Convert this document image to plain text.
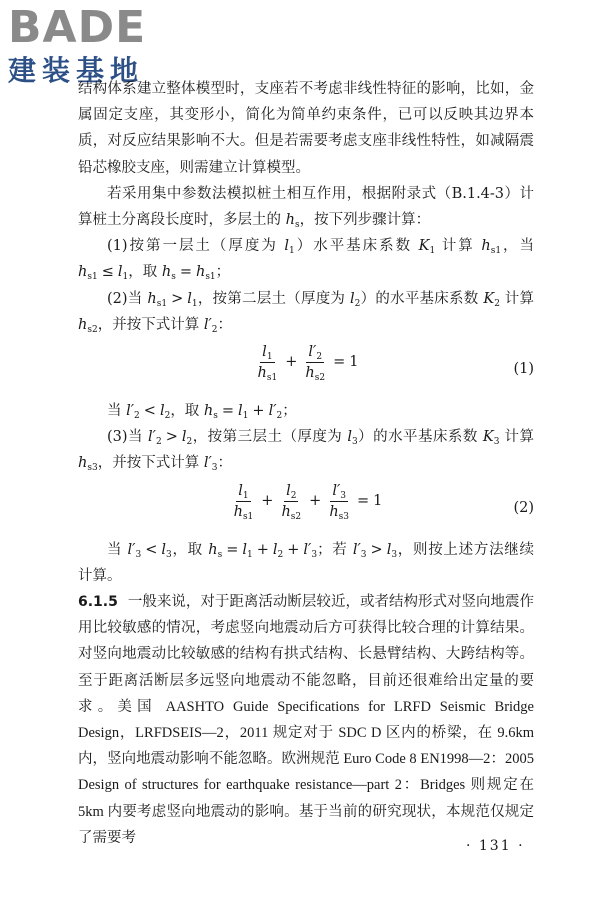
BADE
建装基地

结构体系建立整体模型时，支座若不考虑非线性特征的影响，比如，金属固定支座，其变形小，简化为简单约束条件，已可以反映其边界本质，对反应结果影响不大。但是若需要考虑支座非线性特性，如减隔震铅芯橡胶支座，则需建立计算模型。

若采用集中参数法模拟桩土相互作用，根据附录式（B.1.4-3）计算桩土分离段长度时，多层土的 $h_s$，按下列步骤计算：

(1)按第一层土（厚度为 $l_1$）水平基床系数 $K_1$ 计算 $h_{s1}$，当 $h_{s1} \le l_1$，取 $h_s = h_{s1}$；

(2)当 $h_{s1} > l_1$，按第二层土（厚度为 $l_2$）的水平基床系数 $K_2$ 计算 $h_{s2}$，并按下式计算 $l'_2$：

$\frac{l_1}{h_{s1}} + \frac{l'_2}{h_{s2}} = 1$	(1)

当 $l'_2 < l_2$，取 $h_s = l_1 + l'_2$；

(3)当 $l'_2 > l_2$，按第三层土（厚度为 $l_3$）的水平基床系数 $K_3$ 计算 $h_{s3}$，并按下式计算 $l'_3$：

$\frac{l_1}{h_{s1}} + \frac{l_2}{h_{s2}} + \frac{l'_3}{h_{s3}} = 1$	(2)

当 $l'_3 < l_3$，取 $h_s = l_1 + l_2 + l'_3$；若 $l'_3 > l_3$，则按上述方法继续计算。

6.1.5 一般来说，对于距离活动断层较近，或者结构形式对竖向地震作用比较敏感的情况，考虑竖向地震动后方可获得比较合理的计算结果。对竖向地震动比较敏感的结构有拱式结构、长悬臂结构、大跨结构等。至于距离活断层多远竖向地震动不能忽略，目前还很难给出定量的要求。美国 AASHTO Guide Specifications for LRFD Seismic Bridge Design，LRFDSEIS—2，2011 规定对于 SDC D 区内的桥梁，在 9.6km 内，竖向地震动影响不能忽略。欧洲规范 Euro Code 8 EN1998—2：2005 Design of structures for earthquake resistance—part 2：Bridges 则规定在 5km 内要考虑竖向地震动的影响。基于当前的研究现状，本规范仅规定了需要考

· 131 ·
